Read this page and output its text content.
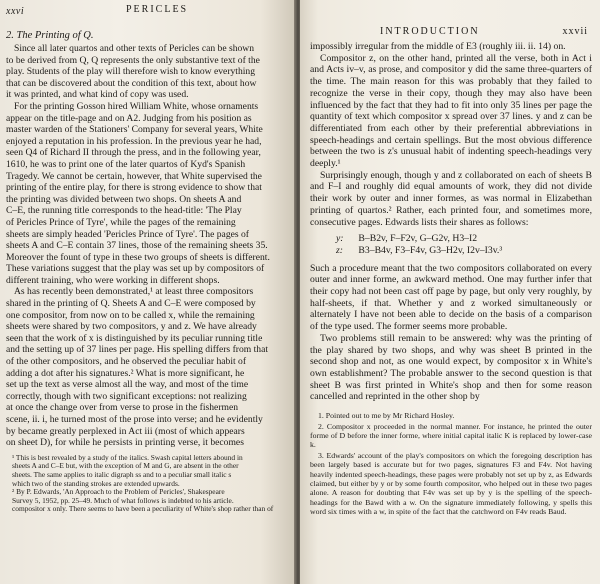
xxvi	PERICLES
2. The Printing of Q.

Since all later quartos and other texts of Pericles can be shown

to be derived from Q, Q represents the only substantive text of the

play. Students of the play will therefore wish to know everything

that can be discovered about the condition of this text, about how

it was printed, and what kind of copy was used.

For the printing Gosson hired William White, whose ornaments

appear on the title-page and on A2. Judging from his position as

master warden of the Stationers' Company for several years, White

enjoyed a reputation in his profession. In the previous year he had,

seen Q4 of Richard II through the press, and in the following year,

1610, he was to print one of the later quartos of Kyd's Spanish

Tragedy. We cannot be certain, however, that White supervised the

printing of the entire play, for there is strong evidence to show that

the printing was divided between two shops. On sheets A and

C–E, the running title corresponds to the head-title: 'The Play

of Pericles Prince of Tyre', while the pages of the remaining

sheets are simply headed 'Pericles Prince of Tyre'. The pages of

sheets A and C–E contain 37 lines, those of the remaining sheets 35.

Moreover the fount of type in these two groups of sheets is different.

These variations suggest that the play was set up by compositors of

different training, who were working in different shops.

As has recently been demonstrated,¹ at least three compositors

shared in the printing of Q. Sheets A and C–E were composed by

one compositor, from now on to be called x, while the remaining

sheets were shared by two compositors, y and z. We have already

seen that the work of x is distinguished by its peculiar running title

and the setting up of 37 lines per page. His spelling differs from that

of the other compositors, and he observed the peculiar habit of

adding a dot after his signatures.² What is more significant, he

set up the text as verse almost all the way, and most of the time

correctly, though with two significant exceptions: not realizing

at once the change over from verse to prose in the fishermen

scene, ii. i, he turned most of the prose into verse; and he evidently

by became greatly perplexed in Act iii (most of which appears

on sheet D), for while he persists in printing verse, it becomes

¹ This is best revealed by a study of the italics. Swash capital letters abound in

sheets A and C–E but, with the exception of M and G, are absent in the other

sheets. The same applies to italic digraph ss and to a peculiar small italic s

which two of the standing strokes are extended upwards.

² By P. Edwards, 'An Approach to the Problem of Pericles', Shakespeare

Survey 5, 1952, pp. 25–49. Much of what follows is indebted to his article.

compositor x only. There seems to have been a peculiarity of White's shop rather than of

INTRODUCTION	xxvii

impossibly irregular from the middle of E3 (roughly iii. ii. 14) on.

Compositor z, on the other hand, printed all the verse, both in Act i and Acts iv–v, as prose, and compositor y did the same three-quarters of the time. The main reason for this was probably that they failed to recognize the verse in their copy, though they may also have been influenced by the fact that they had to fit into only 35 lines per page the quantity of text which compositor x spread over 37 lines. y and z can be differentiated from each other by their preferential abbreviations in speech-headings and certain spellings. But the most obvious difference between the two is z's unusual habit of indenting speech-headings very deeply.¹

Surprisingly enough, though y and z collaborated on each of sheets B and F–I and roughly did equal amounts of work, they did not divide their work by outer and inner formes, as was normal in Elizabethan printing of quartos.² Rather, each printed four, and sometimes more, consecutive pages. Edwards lists their shares as follows:

y: B–B2v, F–F2v, G–G2v, H3–I2
z: B3–B4v, F3–F4v, G3–H2v, I2v–I3v.³

Such a procedure meant that the two compositors collaborated on every outer and inner forme, an awkward method. One may further infer that their copy had not been cast off page by page, but only very roughly, by half-sheets, if that. Whether y and z worked simultaneously or alternately I have not been able to decide on the basis of a comparison of the type used. The former seems more probable.

Two problems still remain to be answered: why was the printing of the play shared by two shops, and why was sheet B printed in the second shop and not, as one would expect, by compositor x in White's own establishment? The probable answer to the second question is that sheet B was first printed in White's shop and then for some reason cancelled and reprinted in the other shop by

1. Pointed out to me by Mr Richard Hosley.

2. Compositor x proceeded in the normal manner. For instance, he printed the outer forme of D before the inner forme, where initial capital italic K is replaced by lower-case k.

3. Edwards' account of the play's compositors on which the foregoing description has been largely based is accurate but for two pages, signatures F3 and F4v. Not having heavily indented speech-headings, these pages were probably not set up by z, as Edwards claimed, but either by y or by some fourth compositor, who helped out in these two pages alone. A reason for doubting that F4v was set up by y is the spelling of the speech-headings for the Bawd with a w. On the signature immediately following, y spells this word six times with a w, in spite of the fact that the catchword on F4v reads Baud.
